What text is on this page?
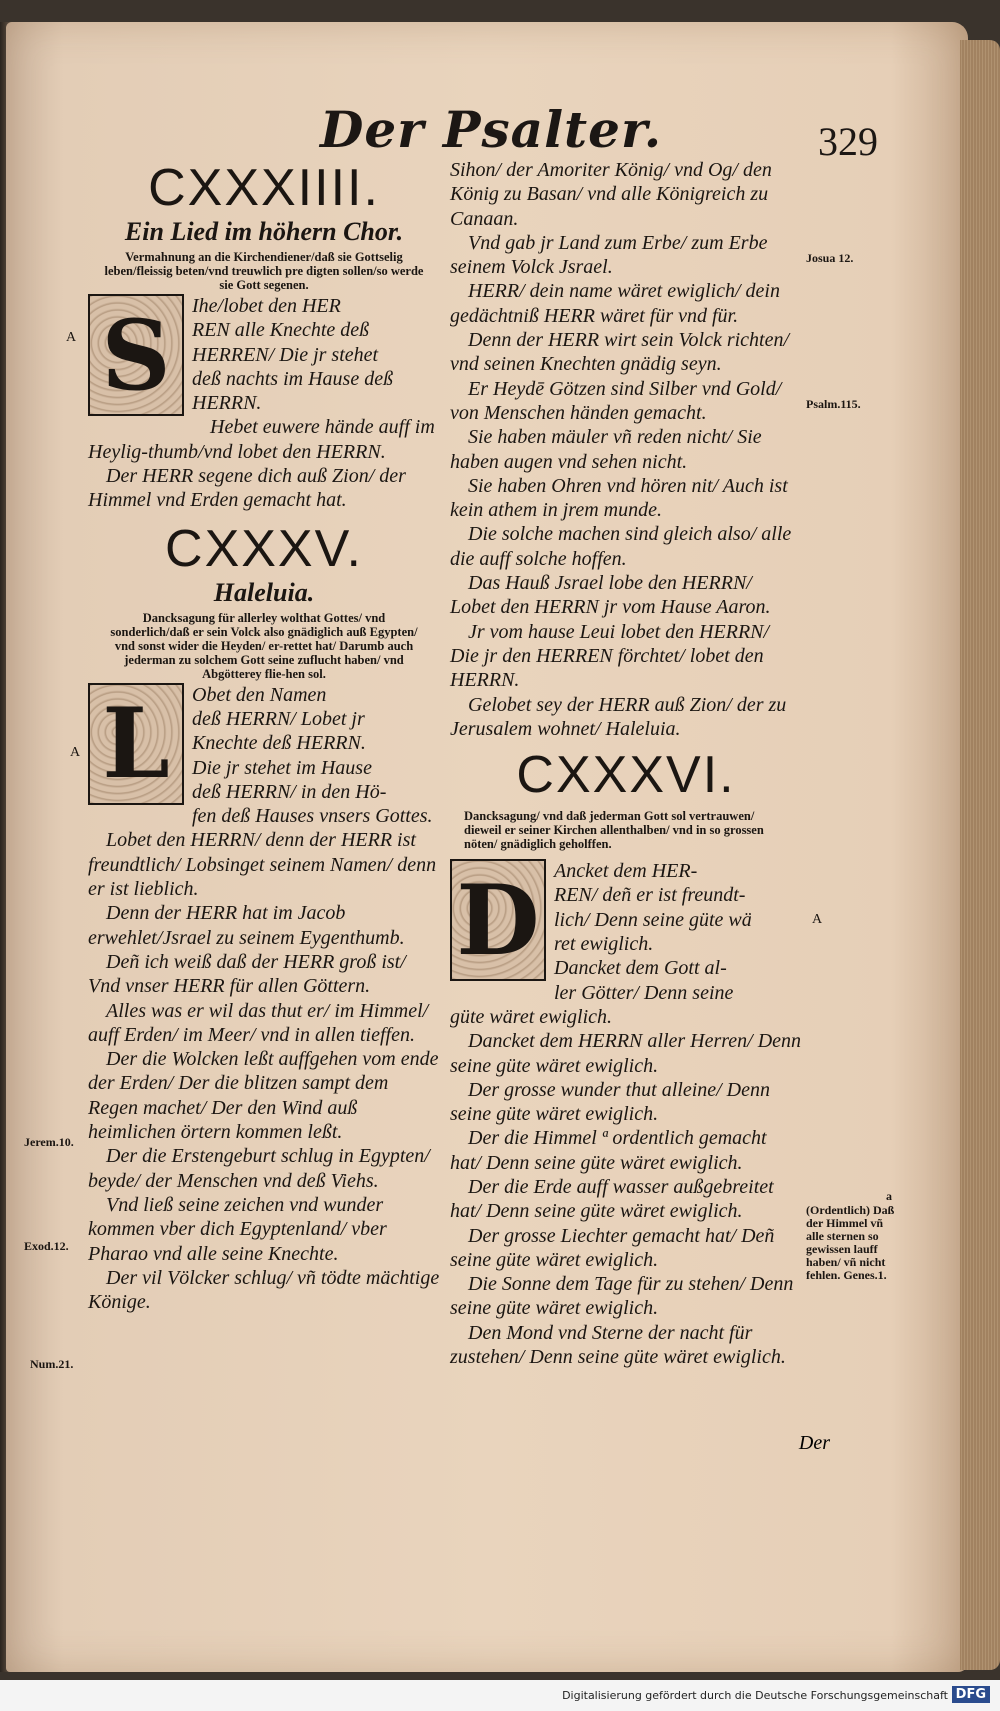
Der Psalter.	329
CXXXIIII.
Ein Lied im höhern Chor.
Vermahnung an die Kirchendiener/daß sie Gottselig leben/fleissig beten/vnd treuwlich pre digten sollen/so werde sie Gott segenen.
S	Ihe/lobet den HER
REN alle Knechte deß
HERREN/ Die jr stehet
deß nachts im Hause deß
HERRN.

Hebet euwere hände auff im Heylig-thumb/vnd lobet den HERRN.

Der HERR segene dich auß Zion/ der Himmel vnd Erden gemacht hat.

CXXXV.
Haleluia.
Dancksagung für allerley wolthat Gottes/ vnd sonderlich/daß er sein Volck also gnädiglich auß Egypten/ vnd sonst wider die Heyden/ er-rettet hat/ Darumb auch jederman zu solchem Gott seine zuflucht haben/ vnd Abgötterey flie-hen sol.
L	Obet den Namen
deß HERRN/ Lobet jr
Knechte deß HERRN.
Die jr stehet im Hause
deß HERRN/ in den Hö-

fen deß Hauses vnsers Gottes.

Lobet den HERRN/ denn der HERR ist freundtlich/ Lobsinget seinem Namen/ denn er ist lieblich.

Denn der HERR hat im Jacob erwehlet/Jsrael zu seinem Eygenthumb.

Deñ ich weiß daß der HERR groß ist/ Vnd vnser HERR für allen Göttern.

Alles was er wil das thut er/ im Himmel/ auff Erden/ im Meer/ vnd in allen tieffen.

Der die Wolcken leßt auffgehen vom ende der Erden/ Der die blitzen sampt dem Regen machet/ Der den Wind auß heimlichen örtern kommen leßt.

Der die Erstengeburt schlug in Egypten/ beyde/ der Menschen vnd deß Viehs.

Vnd ließ seine zeichen vnd wunder kommen vber dich Egyptenland/ vber Pharao vnd alle seine Knechte.

Der vil Völcker schlug/ vñ tödte mächtige Könige.

A
A
Jerem.10.
Exod.12.
Num.21.

Sihon/ der Amoriter König/ vnd Og/ den König zu Basan/ vnd alle Königreich zu Canaan.

Vnd gab jr Land zum Erbe/ zum Erbe seinem Volck Jsrael.

HERR/ dein name wäret ewiglich/ dein gedächtniß HERR wäret für vnd für.

Denn der HERR wirt sein Volck richten/ vnd seinen Knechten gnädig seyn.

Er Heydē Götzen sind Silber vnd Gold/ von Menschen händen gemacht.

Sie haben mäuler vñ reden nicht/ Sie haben augen vnd sehen nicht.

Sie haben Ohren vnd hören nit/ Auch ist kein athem in jrem munde.

Die solche machen sind gleich also/ alle die auff solche hoffen.

Das Hauß Jsrael lobe den HERRN/ Lobet den HERRN jr vom Hause Aaron.

Jr vom hause Leui lobet den HERRN/ Die jr den HERREN förchtet/ lobet den HERRN.

Gelobet sey der HERR auß Zion/ der zu Jerusalem wohnet/ Haleluia.

CXXXVI.
Dancksagung/ vnd daß jederman Gott sol vertrauwen/ dieweil er seiner Kirchen allenthalben/ vnd in so grossen nöten/ gnädiglich geholffen.
D Ancket dem HER-
REN/ deñ er ist freundt-
lich/ Denn seine güte wä
ret ewiglich.
Dancket dem Gott al-
ler Götter/ Denn seine

güte wäret ewiglich.

Dancket dem HERRN aller Herren/ Denn seine güte wäret ewiglich.

Der grosse wunder thut alleine/ Denn seine güte wäret ewiglich.

Der die Himmel ª ordentlich gemacht hat/ Denn seine güte wäret ewiglich.

Der die Erde auff wasser außgebreitet hat/ Denn seine güte wäret ewiglich.

Der grosse Liechter gemacht hat/ Deñ seine güte wäret ewiglich.

Die Sonne dem Tage für zu stehen/ Denn seine güte wäret ewiglich.

Den Mond vnd Sterne der nacht für zustehen/ Denn seine güte wäret ewiglich.

Der
A
Josua 12.
Psalm.115.
a
(Ordentlich) Daß der Himmel vñ alle sternen so gewissen lauff haben/ vñ nicht fehlen. Genes.1.
Digitalisierung gefördert durch die Deutsche Forschungsgemeinschaft DFG
